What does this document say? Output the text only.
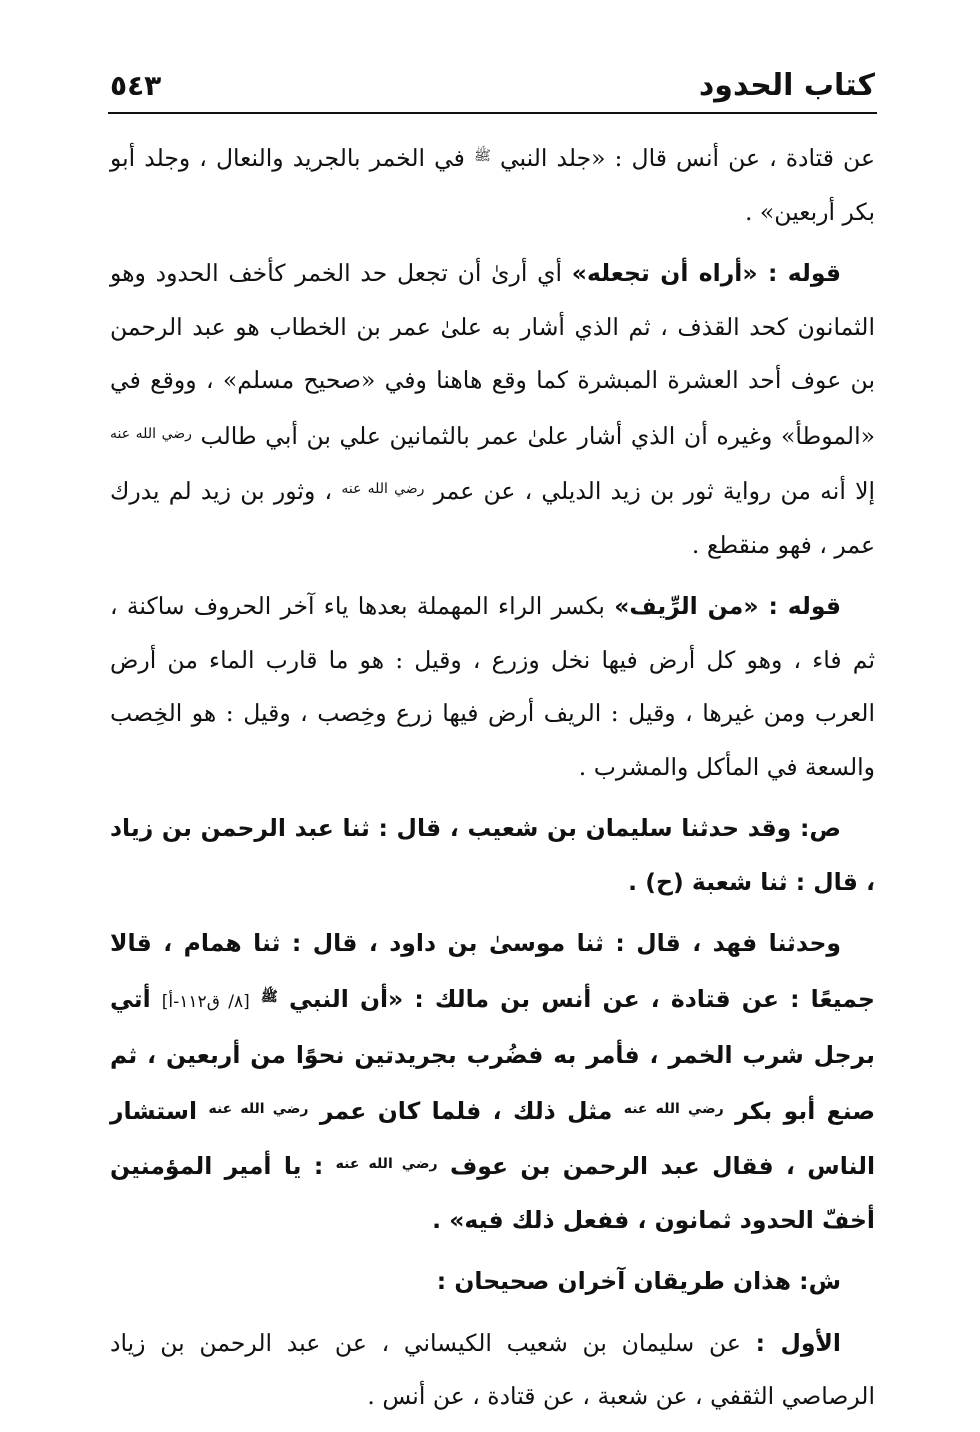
كتاب الحدود
٥٤٣

عن قتادة ، عن أنس قال : «جلد النبي $^ﷺ$ في الخمر بالجريد والنعال ، وجلد أبو بكر أربعين» .

قوله : «أراه أن تجعله» أي أرىٰ أن تجعل حد الخمر كأخف الحدود وهو الثمانون كحد القذف ، ثم الذي أشار به علىٰ عمر بن الخطاب هو عبد الرحمن بن عوف أحد العشرة المبشرة كما وقع هاهنا وفي «صحيح مسلم» ، ووقع في «الموطأ» وغيره أن الذي أشار علىٰ عمر بالثمانين علي بن أبي طالب $^{رضي الله عنه}$ إلا أنه من رواية ثور بن زيد الديلي ، عن عمر $^{رضي الله عنه}$ ، وثور بن زيد لم يدرك عمر ، فهو منقطع .

قوله : «من الرِّيف» بكسر الراء المهملة بعدها ياء آخر الحروف ساكنة ، ثم فاء ، وهو كل أرض فيها نخل وزرع ، وقيل : هو ما قارب الماء من أرض العرب ومن غيرها ، وقيل : الريف أرض فيها زرع وخِصب ، وقيل : هو الخِصب والسعة في المأكل والمشرب .

ص: وقد حدثنا سليمان بن شعيب ، قال : ثنا عبد الرحمن بن زياد ، قال : ثنا شعبة (ح) .

وحدثنا فهد ، قال : ثنا موسىٰ بن داود ، قال : ثنا همام ، قالا جميعًا : عن قتادة ، عن أنس بن مالك : «أن النبي $^ﷺ$ [٨/ ق١١٢-أ] أتي برجل شرب الخمر ، فأمر به فضُرب بجريدتين نحوًا من أربعين ، ثم صنع أبو بكر $^{رضي الله عنه}$ مثل ذلك ، فلما كان عمر $^{رضي الله عنه}$ استشار الناس ، فقال عبد الرحمن بن عوف $^{رضي الله عنه}$ : يا أمير المؤمنين أخفّ الحدود ثمانون ، ففعل ذلك فيه» .

ش: هذان طريقان آخران صحيحان :

الأول : عن سليمان بن شعيب الكيساني ، عن عبد الرحمن بن زياد الرصاصي الثقفي ، عن شعبة ، عن قتادة ، عن أنس .
